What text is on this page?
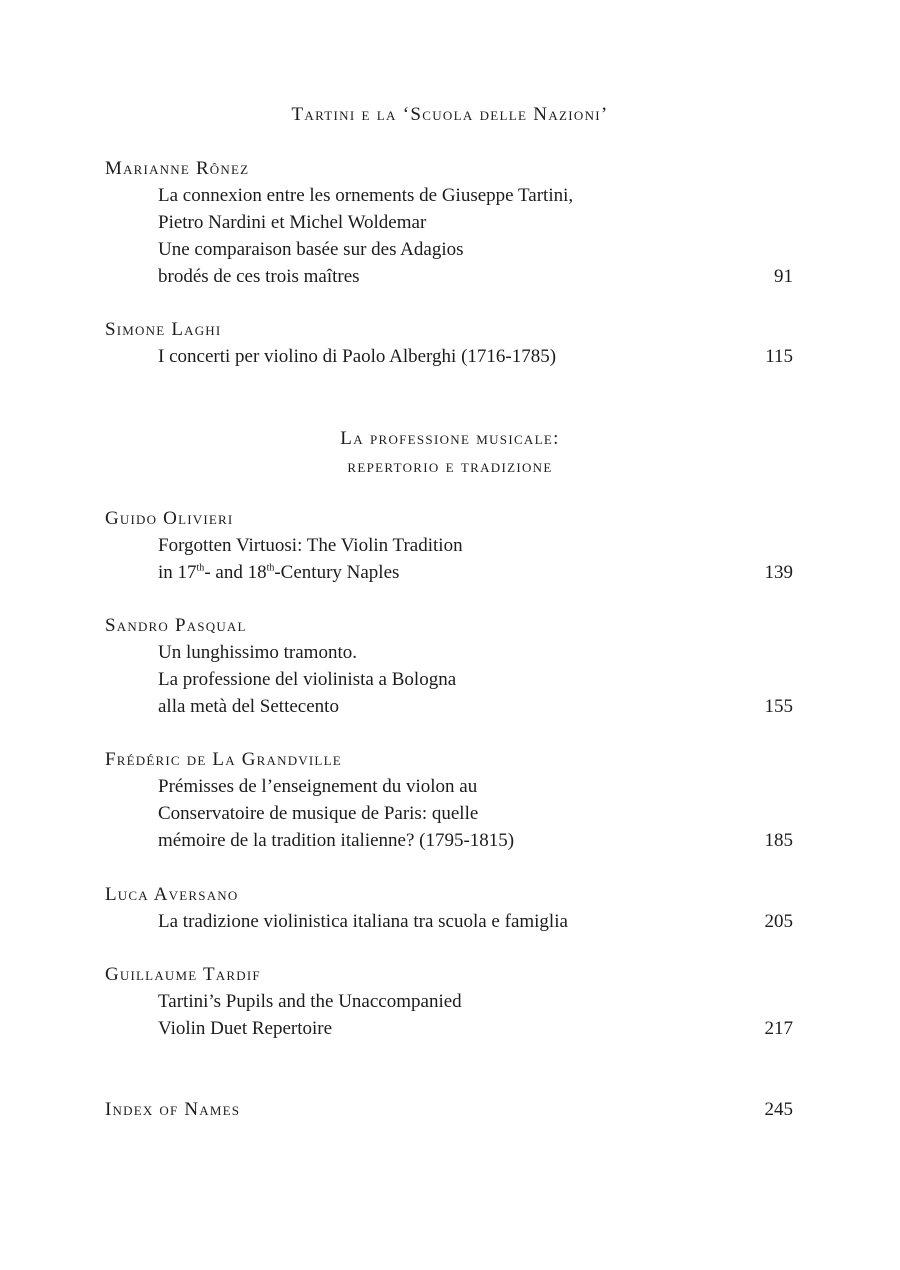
Tartini e la ‘Scuola delle Nazioni’
Marianne Rônez
La connexion entre les ornements de Giuseppe Tartini,
Pietro Nardini et Michel Woldemar
Une comparaison basée sur des Adagios
brodés de ces trois maîtres	91
Simone Laghi
I concerti per violino di Paolo Alberghi (1716-1785)	115
La professione musicale:
repertorio e tradizione
Guido Olivieri
Forgotten Virtuosi: The Violin Tradition
in 17th- and 18th-Century Naples	139
Sandro Pasqual
Un lunghissimo tramonto.
La professione del violinista a Bologna
alla metà del Settecento	155
Frédéric de La Grandville
Prémisses de l’enseignement du violon au
Conservatoire de musique de Paris: quelle
mémoire de la tradition italienne? (1795-1815)	185
Luca Aversano
La tradizione violinistica italiana tra scuola e famiglia	205
Guillaume Tardif
Tartini’s Pupils and the Unaccompanied
Violin Duet Repertoire	217
Index of Names	245
